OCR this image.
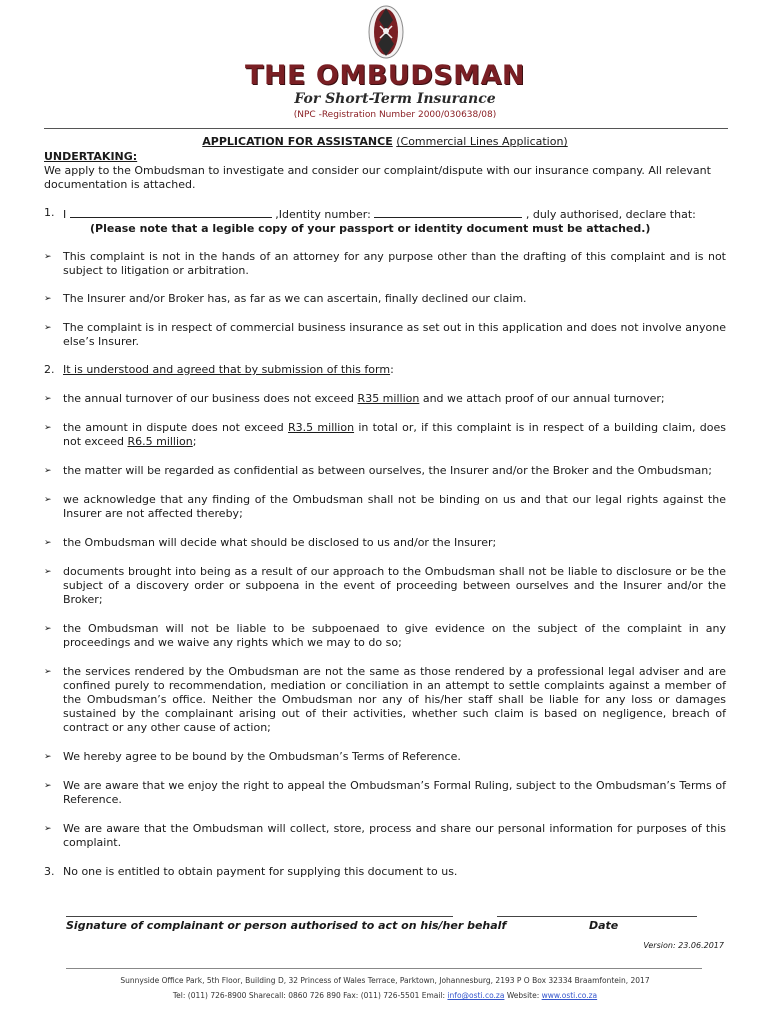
THE OMBUDSMAN
For Short-Term Insurance
(NPC -Registration Number 2000/030638/08)
APPLICATION FOR ASSISTANCE (Commercial Lines Application)
UNDERTAKING:

We apply to the Ombudsman to investigate and consider our complaint/dispute with our insurance company. All relevant documentation is attached.

1. I	,Identity number:	, duly authorised, declare that:
(Please note that a legible copy of your passport or identity document must be attached.)
➢ This complaint is not in the hands of an attorney for any purpose other than the drafting of this complaint and is not subject to litigation or arbitration.
➢ The Insurer and/or Broker has, as far as we can ascertain, finally declined our claim.
➢ The complaint is in respect of commercial business insurance as set out in this application and does not involve anyone else’s Insurer.
2. It is understood and agreed that by submission of this form:
➢ the annual turnover of our business does not exceed R35 million and we attach proof of our annual turnover;
➢ the amount in dispute does not exceed R3.5 million in total or, if this complaint is in respect of a building claim, does not exceed R6.5 million;
➢ the matter will be regarded as confidential as between ourselves, the Insurer and/or the Broker and the Ombudsman;
➢ we acknowledge that any finding of the Ombudsman shall not be binding on us and that our legal rights against the Insurer are not affected thereby;
➢ the Ombudsman will decide what should be disclosed to us and/or the Insurer;
➢ documents brought into being as a result of our approach to the Ombudsman shall not be liable to disclosure or be the subject of a discovery order or subpoena in the event of proceeding between ourselves and the Insurer and/or the Broker;
➢ the Ombudsman will not be liable to be subpoenaed to give evidence on the subject of the complaint in any proceedings and we waive any rights which we may to do so;
➢ the services rendered by the Ombudsman are not the same as those rendered by a professional legal adviser and are confined purely to recommendation, mediation or conciliation in an attempt to settle complaints against a member of the Ombudsman’s office. Neither the Ombudsman nor any of his/her staff shall be liable for any loss or damages sustained by the complainant arising out of their activities, whether such claim is based on negligence, breach of contract or any other cause of action;
➢ We hereby agree to be bound by the Ombudsman’s Terms of Reference.
➢ We are aware that we enjoy the right to appeal the Ombudsman’s Formal Ruling, subject to the Ombudsman’s Terms of Reference.
➢ We are aware that the Ombudsman will collect, store, process and share our personal information for purposes of this complaint.
3. No one is entitled to obtain payment for supplying this document to us.
Signature of complainant or person authorised to act on his/her behalf	Date
Version: 23.06.2017
Sunnyside Office Park, 5th Floor, Building D, 32 Princess of Wales Terrace, Parktown, Johannesburg, 2193 P O Box 32334 Braamfontein, 2017
Tel: (011) 726-8900 Sharecall: 0860 726 890 Fax: (011) 726-5501 Email: info@osti.co.za Website: www.osti.co.za
